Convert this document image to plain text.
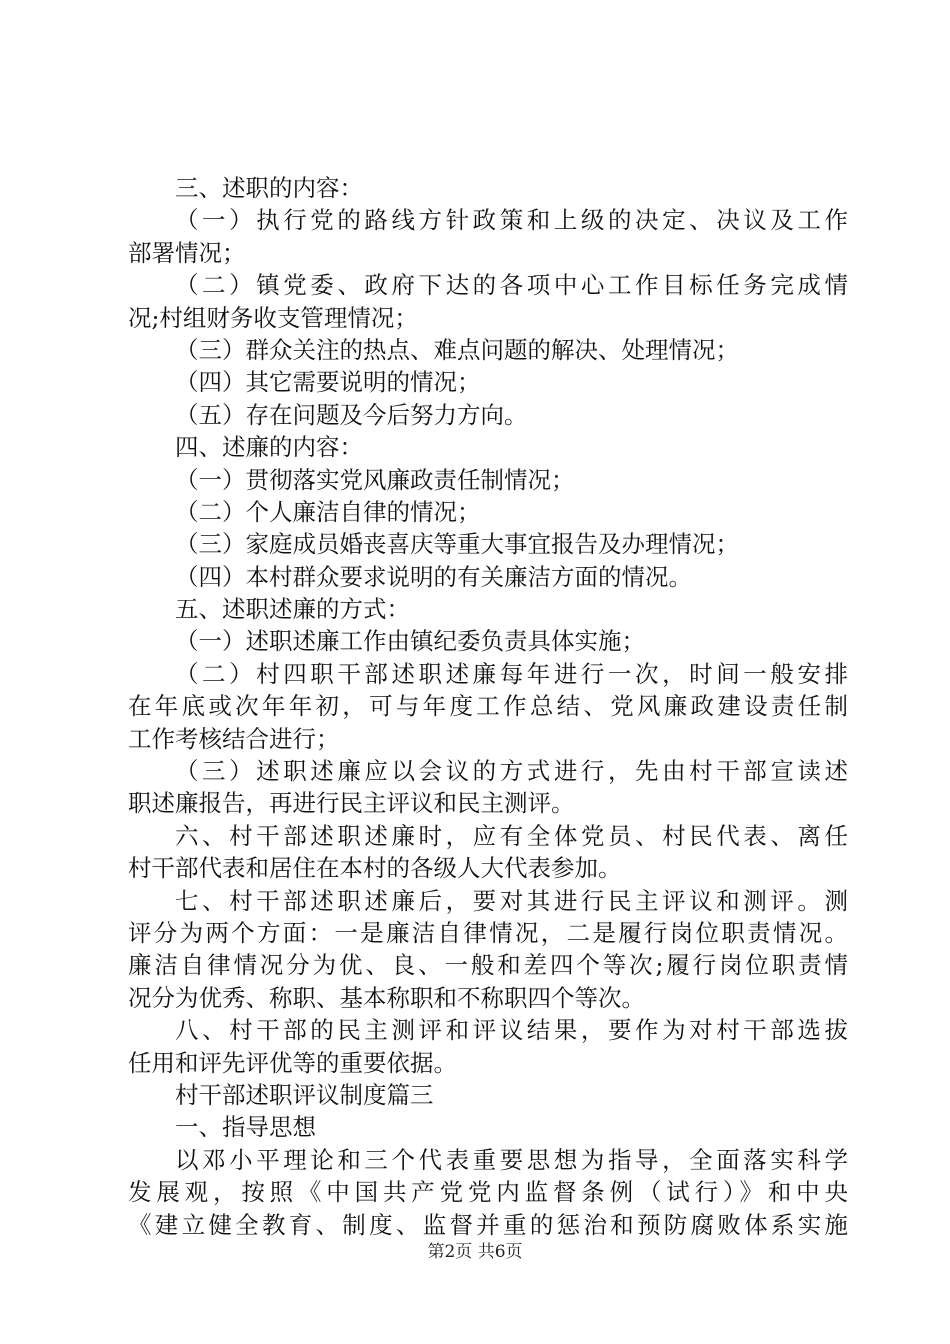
三、述职的内容：
（一）执行党的路线方针政策和上级的决定、决议及工作
部署情况；
（二）镇党委、政府下达的各项中心工作目标任务完成情
况;村组财务收支管理情况；
（三）群众关注的热点、难点问题的解决、处理情况；
（四）其它需要说明的情况；
（五）存在问题及今后努力方向。
四、述廉的内容：
（一）贯彻落实党风廉政责任制情况；
（二）个人廉洁自律的情况；
（三）家庭成员婚丧喜庆等重大事宜报告及办理情况；
（四）本村群众要求说明的有关廉洁方面的情况。
五、述职述廉的方式：
（一）述职述廉工作由镇纪委负责具体实施；
（二）村四职干部述职述廉每年进行一次，时间一般安排
在年底或次年年初，可与年度工作总结、党风廉政建设责任制
工作考核结合进行；
（三）述职述廉应以会议的方式进行，先由村干部宣读述
职述廉报告，再进行民主评议和民主测评。
六、村干部述职述廉时，应有全体党员、村民代表、离任
村干部代表和居住在本村的各级人大代表参加。
七、村干部述职述廉后，要对其进行民主评议和测评。测
评分为两个方面：一是廉洁自律情况，二是履行岗位职责情况。
廉洁自律情况分为优、良、一般和差四个等次;履行岗位职责情
况分为优秀、称职、基本称职和不称职四个等次。
八、村干部的民主测评和评议结果，要作为对村干部选拔
任用和评先评优等的重要依据。
村干部述职评议制度篇三
一、指导思想
以邓小平理论和三个代表重要思想为指导，全面落实科学
发展观，按照《中国共产党党内监督条例（试行）》和中央
《建立健全教育、制度、监督并重的惩治和预防腐败体系实施
第2页 共6页
